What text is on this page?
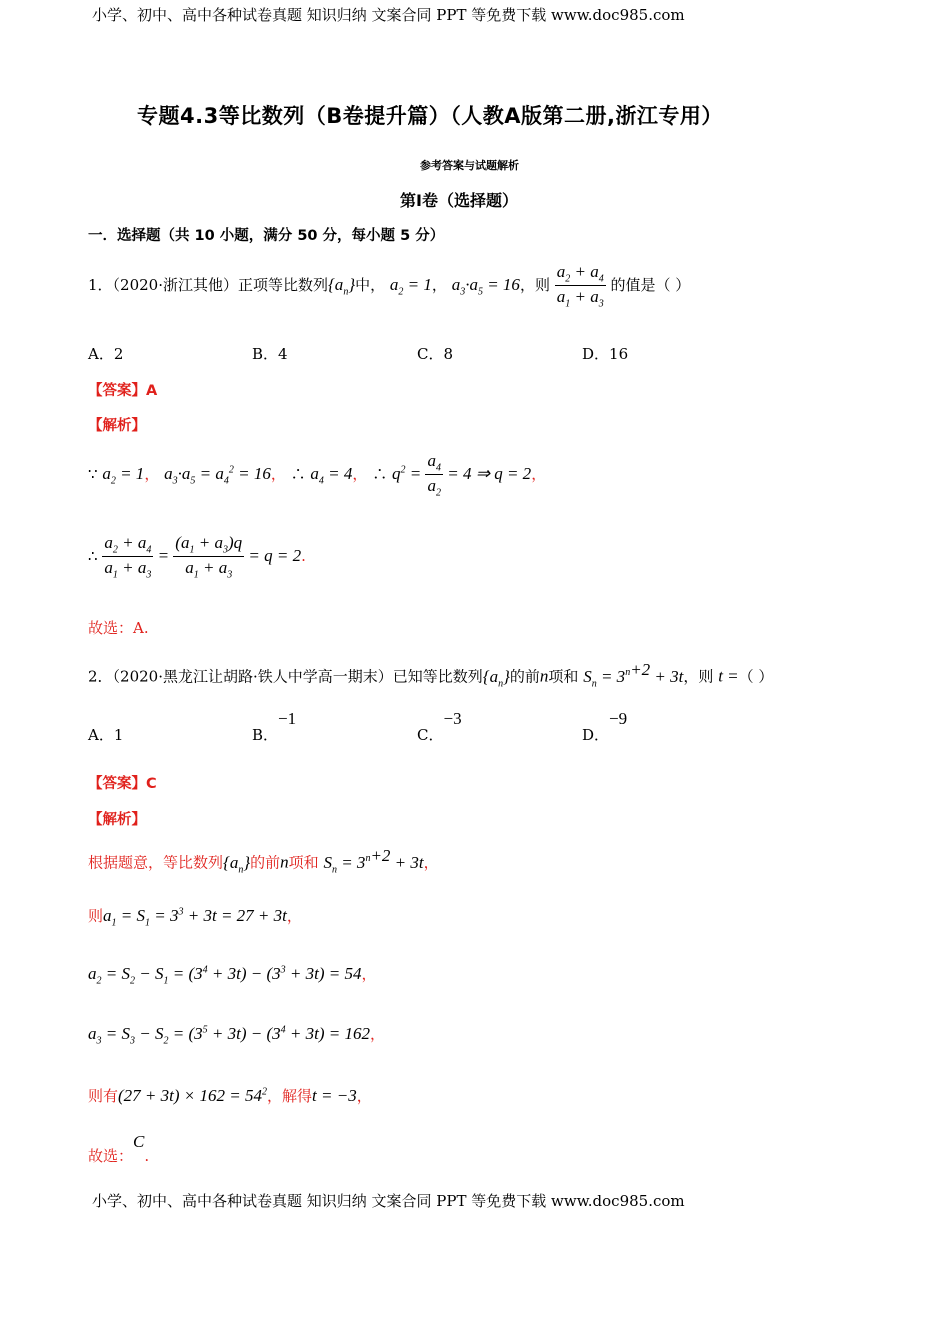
小学、初中、高中各种试卷真题 知识归纳 文案合同 PPT 等免费下载 www.doc985.com
小学、初中、高中各种试卷真题 知识归纳 文案合同 PPT 等免费下载 www.doc985.com
专题4.3等比数列（B卷提升篇）（人教A版第二册,浙江专用）
参考答案与试题解析
第Ⅰ卷（选择题）
一．选择题（共 10 小题，满分 50 分，每小题 5 分）
1．（2020·浙江其他）正项等比数列$\{a_n\}$中， $a_2 = 1$， $a_3\cdot a_5 = 16$，则 $\frac{a_2 + a_4}{a_1 + a_3}$ 的值是（ ）
A．2	B．4	C．8	D．16
【答案】A
【解析】
∵ $a_2 = 1$， $a_3\cdot a_5 = a_4^2 = 16$， ∴ $a_4 = 4$， ∴ $q^2 = \frac{a_4}{a_2} = 4$ ⇒ q = 2，
∴ $\frac{a_2 + a_4}{a_1 + a_3} = \frac{(a_1 + a_3)q}{a_1 + a_3} = q = 2$.
故选：A.
2．（2020·黑龙江让胡路·铁人中学高一期末）已知等比数列$\{a_n\}$的前n项和 $S_n = 3^{n+2} + 3t$，则 t =（ ）
A．1	B．−1
C．−3
D．−9
【答案】C
【解析】
根据题意，等比数列$\{a_n\}$的前n项和 $S_n = 3^{n+2} + 3t$，
则$a_1 = S_1 = 3^3 + 3t = 27 + 3t$，
$a_2 = S_2 - S_1 = (3^4 + 3t) - (3^3 + 3t) = 54$，
$a_3 = S_3 - S_2 = (3^5 + 3t) - (3^4 + 3t) = 162$，
则有$(27 + 3t) \times 162 = 54^2$，解得t = −3，
故选：C.
